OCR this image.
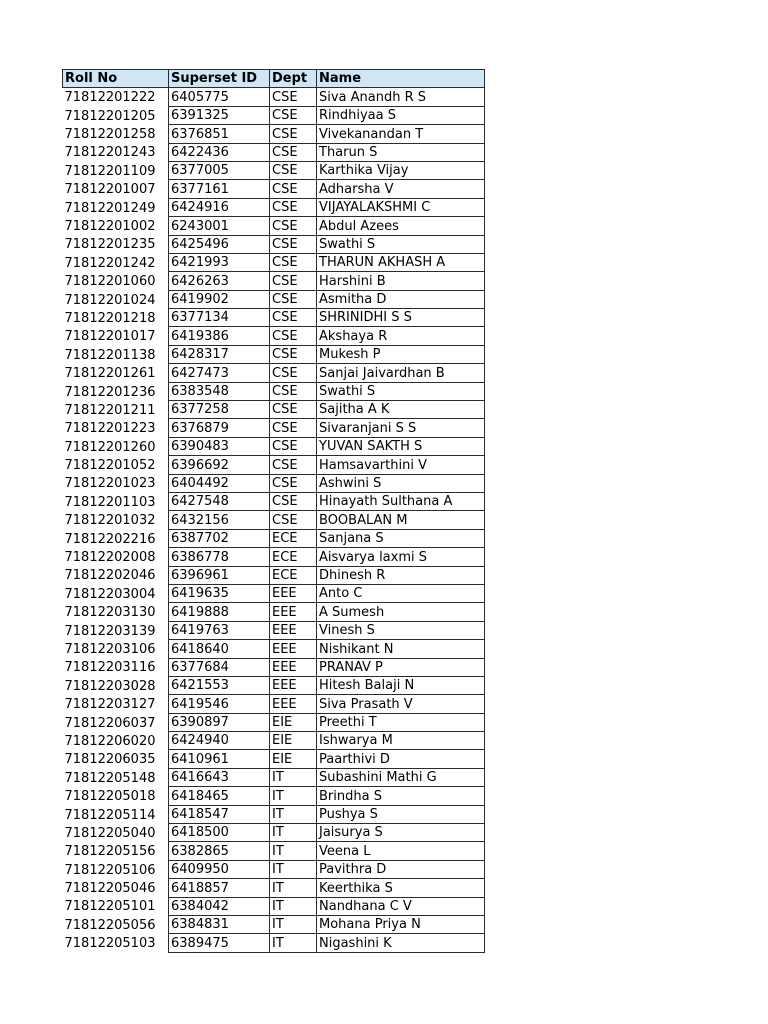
Roll No	Superset ID	Dept	Name
71812201222	6405775	CSE	Siva Anandh R S
71812201205	6391325	CSE	Rindhiyaa S
71812201258	6376851	CSE	Vivekanandan T
71812201243	6422436	CSE	Tharun S
71812201109	6377005	CSE	Karthika Vijay
71812201007	6377161	CSE	Adharsha V
71812201249	6424916	CSE	VIJAYALAKSHMI C
71812201002	6243001	CSE	Abdul Azees
71812201235	6425496	CSE	Swathi S
71812201242	6421993	CSE	THARUN AKHASH A
71812201060	6426263	CSE	Harshini B
71812201024	6419902	CSE	Asmitha D
71812201218	6377134	CSE	SHRINIDHI S S
71812201017	6419386	CSE	Akshaya R
71812201138	6428317	CSE	Mukesh P
71812201261	6427473	CSE	Sanjai Jaivardhan B
71812201236	6383548	CSE	Swathi S
71812201211	6377258	CSE	Sajitha A K
71812201223	6376879	CSE	Sivaranjani S S
71812201260	6390483	CSE	YUVAN SAKTH S
71812201052	6396692	CSE	Hamsavarthini V
71812201023	6404492	CSE	Ashwini S
71812201103	6427548	CSE	Hinayath Sulthana A
71812201032	6432156	CSE	BOOBALAN M
71812202216	6387702	ECE	Sanjana S
71812202008	6386778	ECE	Aisvarya laxmi S
71812202046	6396961	ECE	Dhinesh R
71812203004	6419635	EEE	Anto C
71812203130	6419888	EEE	A Sumesh
71812203139	6419763	EEE	Vinesh S
71812203106	6418640	EEE	Nishikant N
71812203116	6377684	EEE	PRANAV P
71812203028	6421553	EEE	Hitesh Balaji N
71812203127	6419546	EEE	Siva Prasath V
71812206037	6390897	EIE	Preethi T
71812206020	6424940	EIE	Ishwarya M
71812206035	6410961	EIE	Paarthivi D
71812205148	6416643	IT	Subashini Mathi G
71812205018	6418465	IT	Brindha S
71812205114	6418547	IT	Pushya S
71812205040	6418500	IT	Jaisurya S
71812205156	6382865	IT	Veena L
71812205106	6409950	IT	Pavithra D
71812205046	6418857	IT	Keerthika S
71812205101	6384042	IT	Nandhana C V
71812205056	6384831	IT	Mohana Priya N
71812205103	6389475	IT	Nigashini K
